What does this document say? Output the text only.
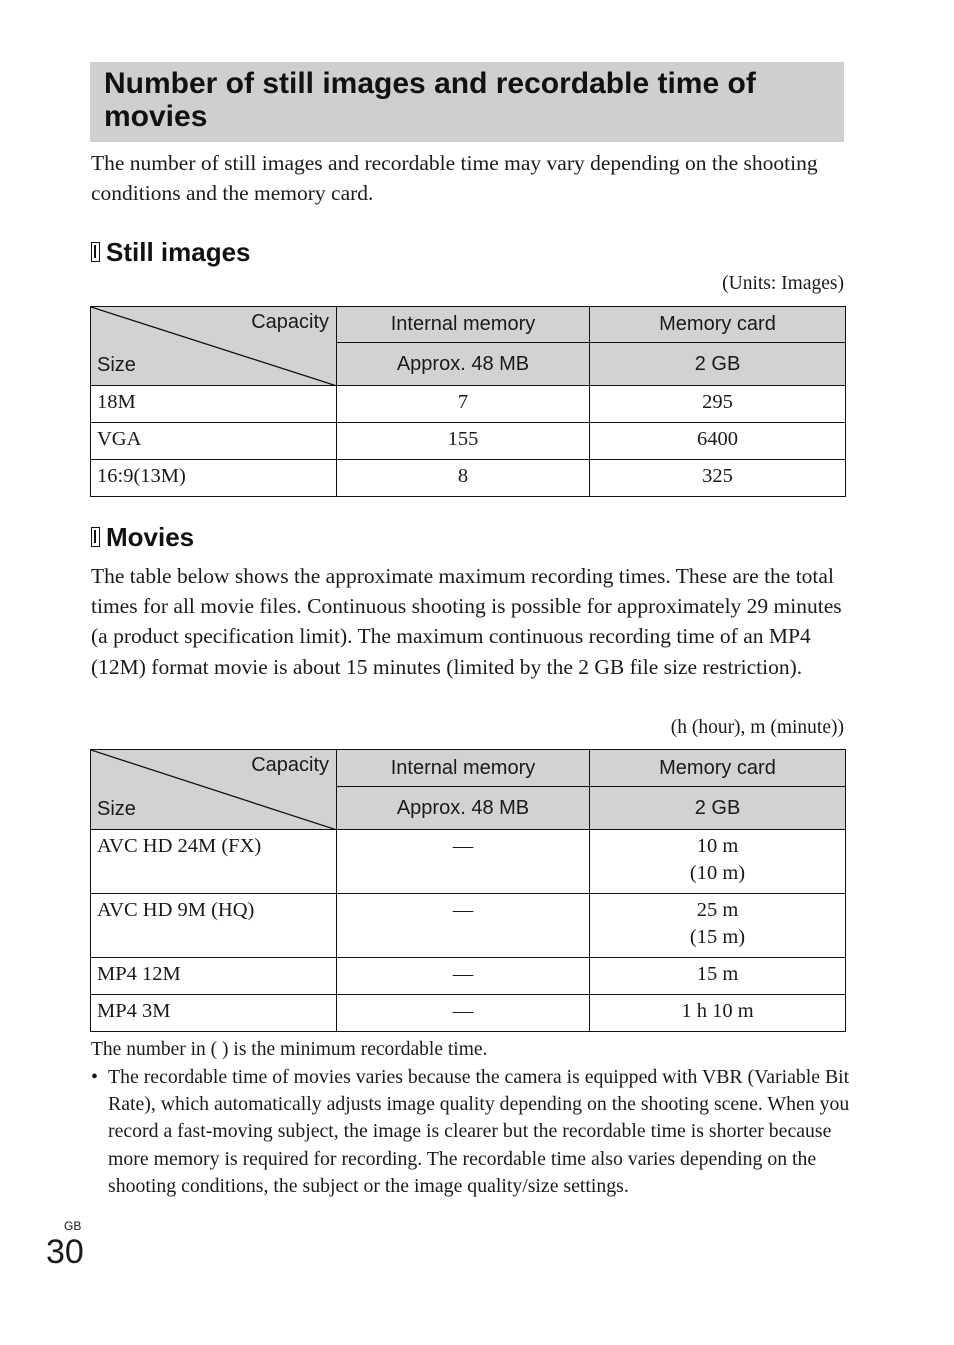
Number of still images and recordable time of movies

The number of still images and recordable time may vary depending on the shooting conditions and the memory card.

Still images
(Units: Images)
Capacity
Size	Internal memory	Memory card
	Approx. 48 MB	2 GB
18M	7	295
VGA	155	6400
16:9(13M)	8	325
Movies

The table below shows the approximate maximum recording times. These are the total times for all movie files. Continuous shooting is possible for approximately 29 minutes (a product specification limit). The maximum continuous recording time of an MP4 (12M) format movie is about 15 minutes (limited by the 2 GB file size restriction).

(h (hour), m (minute))
Capacity
Size	Internal memory	Memory card
	Approx. 48 MB	2 GB
AVC HD 24M (FX)	—	10 m
(10 m)

AVC HD 9M (HQ)	—	25 m
(15 m)

MP4 12M	—	15 m
MP4 3M	—	1 h 10 m

The number in ( ) is the minimum recordable time.

• The recordable time of movies varies because the camera is equipped with VBR (Variable Bit Rate), which automatically adjusts image quality depending on the shooting scene. When you record a fast-moving subject, the image is clearer but the recordable time is shorter because more memory is required for recording. The recordable time also varies depending on the shooting conditions, the subject or the image quality/size settings.
GB
30
